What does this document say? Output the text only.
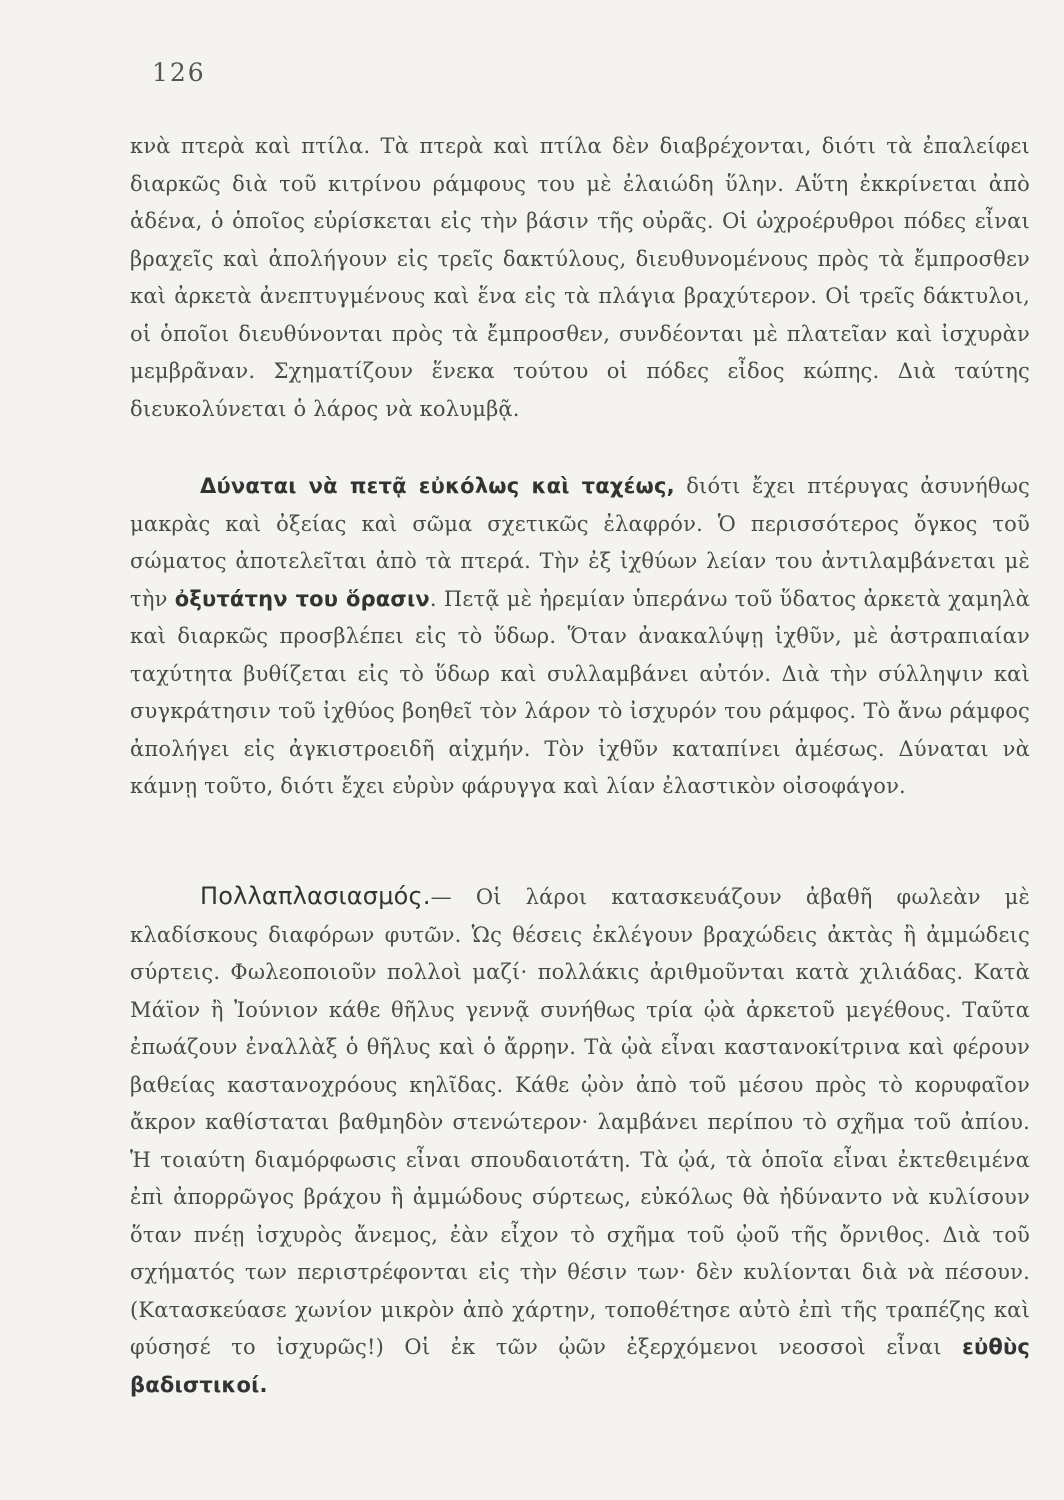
126

κνὰ πτερὰ καὶ πτίλα. Τὰ πτερὰ καὶ πτίλα δὲν διαβρέχονται, διότι τὰ ἐπαλείφει διαρκῶς διὰ τοῦ κιτρίνου ράμφους του μὲ ἐλαιώδη ὕλην. Αὕτη ἐκκρίνεται ἀπὸ ἀδένα, ὁ ὁποῖος εὑρίσκεται εἰς τὴν βάσιν τῆς οὐρᾶς. Οἱ ὠχροέρυθροι πόδες εἶναι βραχεῖς καὶ ἀπολήγουν εἰς τρεῖς δακτύλους, διευθυνομένους πρὸς τὰ ἔμπροσθεν καὶ ἀρκετὰ ἀνεπτυγμένους καὶ ἕνα εἰς τὰ πλάγια βραχύτερον. Οἱ τρεῖς δάκτυλοι, οἱ ὁποῖοι διευθύνονται πρὸς τὰ ἔμπροσθεν, συνδέονται μὲ πλατεῖαν καὶ ἰσχυρὰν μεμβρᾶναν. Σχηματίζουν ἕνεκα τούτου οἱ πόδες εἶδος κώπης. Διὰ ταύτης διευκολύνεται ὁ λάρος νὰ κολυμβᾷ.

Δύναται νὰ πετᾷ εὐκόλως καὶ ταχέως, διότι ἔχει πτέρυγας ἀσυνήθως μακρὰς καὶ ὀξείας καὶ σῶμα σχετικῶς ἐλαφρόν. Ὁ περισσότερος ὄγκος τοῦ σώματος ἀποτελεῖται ἀπὸ τὰ πτερά. Τὴν ἐξ ἰχθύων λείαν του ἀντιλαμβάνεται μὲ τὴν ὀξυτάτην του ὅρασιν. Πετᾷ μὲ ἠρεμίαν ὑπεράνω τοῦ ὕδατος ἀρκετὰ χαμηλὰ καὶ διαρκῶς προσβλέπει εἰς τὸ ὕδωρ. Ὅταν ἀνακαλύψῃ ἰχθῦν, μὲ ἀστραπιαίαν ταχύτητα βυθίζεται εἰς τὸ ὕδωρ καὶ συλλαμβάνει αὐτόν. Διὰ τὴν σύλληψιν καὶ συγκράτησιν τοῦ ἰχθύος βοηθεῖ τὸν λάρον τὸ ἰσχυρόν του ράμφος. Τὸ ἄνω ράμφος ἀπολήγει εἰς ἀγκιστροειδῆ αἰχμήν. Τὸν ἰχθῦν καταπίνει ἀμέσως. Δύναται νὰ κάμνῃ τοῦτο, διότι ἔχει εὐρὺν φάρυγγα καὶ λίαν ἐλαστικὸν οἰσοφάγον.

Πολλαπλασιασμός.— Οἱ λάροι κατασκευάζουν ἀβαθῆ φωλεὰν μὲ κλαδίσκους διαφόρων φυτῶν. Ὡς θέσεις ἐκλέγουν βραχώδεις ἀκτὰς ἢ ἀμμώδεις σύρτεις. Φωλεοποιοῦν πολλοὶ μαζί· πολλάκις ἀριθμοῦνται κατὰ χιλιάδας. Κατὰ Μάϊον ἢ Ἰούνιον κάθε θῆλυς γεννᾷ συνήθως τρία ᾠὰ ἀρκετοῦ μεγέθους. Ταῦτα ἐπωάζουν ἐναλλὰξ ὁ θῆλυς καὶ ὁ ἄρρην. Τὰ ᾠὰ εἶναι καστανοκίτρινα καὶ φέρουν βαθείας καστανοχρόους κηλῖδας. Κάθε ᾠὸν ἀπὸ τοῦ μέσου πρὸς τὸ κορυφαῖον ἄκρον καθίσταται βαθμηδὸν στενώτερον· λαμβάνει περίπου τὸ σχῆμα τοῦ ἀπίου. Ἡ τοιαύτη διαμόρφωσις εἶναι σπουδαιοτάτη. Τὰ ᾠά, τὰ ὁποῖα εἶναι ἐκτεθειμένα ἐπὶ ἀπορρῶγος βράχου ἢ ἀμμώδους σύρτεως, εὐκόλως θὰ ἠδύναντο νὰ κυλίσουν ὅταν πνέῃ ἰσχυρὸς ἄνεμος, ἐὰν εἶχον τὸ σχῆμα τοῦ ᾠοῦ τῆς ὄρνιθος. Διὰ τοῦ σχήματός των περιστρέφονται εἰς τὴν θέσιν των· δὲν κυλίονται διὰ νὰ πέσουν. (Κατασκεύασε χωνίον μικρὸν ἀπὸ χάρτην, τοποθέτησε αὐτὸ ἐπὶ τῆς τραπέζης καὶ φύσησέ το ἰσχυρῶς!) Οἱ ἐκ τῶν ᾠῶν ἐξερχόμενοι νεοσσοὶ εἶναι εὐθὺς βαδιστικοί.
